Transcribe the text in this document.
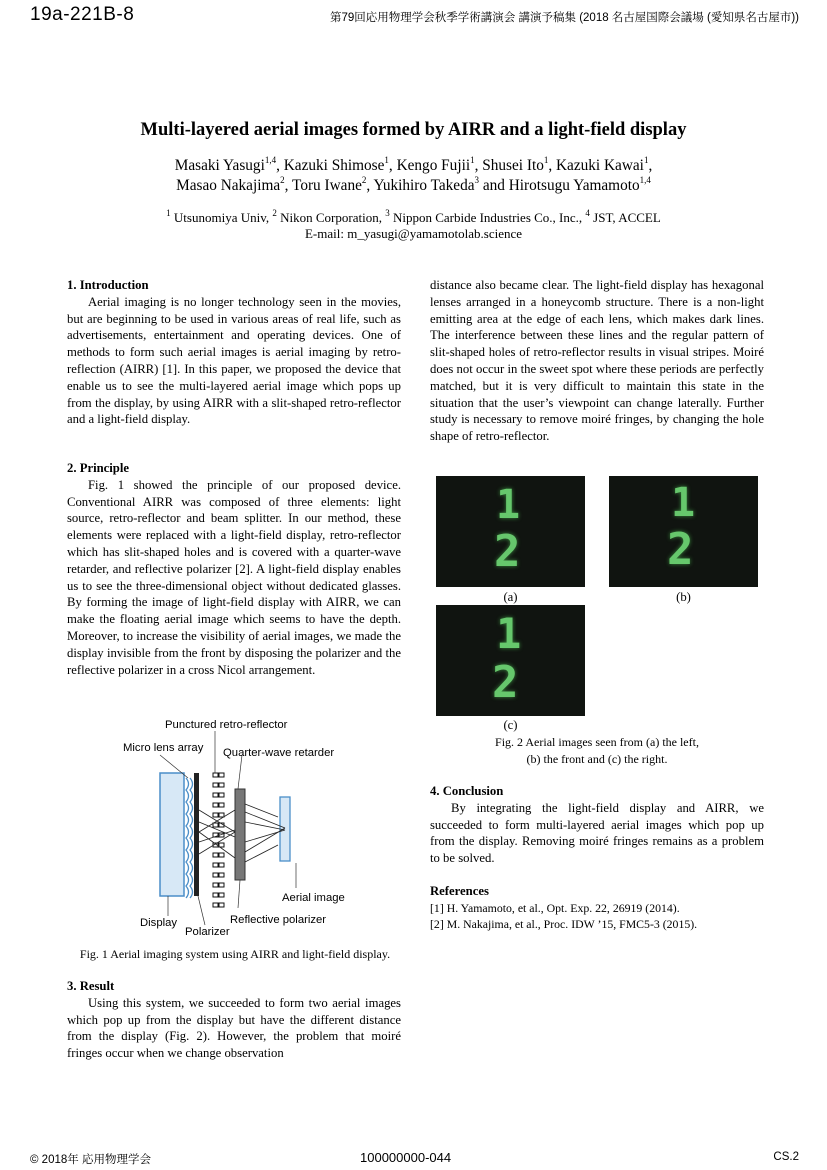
19a-221B-8	第79回応用物理学会秋季学術講演会 講演予稿集 (2018 名古屋国際会議場 (愛知県名古屋市))
Multi-layered aerial images formed by AIRR and a light-field display
Masaki Yasugi$^{1,4}$, Kazuki Shimose$^1$, Kengo Fujii$^1$, Shusei Ito$^1$, Kazuki Kawai$^1$,
Masao Nakajima$^2$, Toru Iwane$^2$, Yukihiro Takeda$^3$ and Hirotsugu Yamamoto$^{1,4}$
$^1$ Utsunomiya Univ, $^2$ Nikon Corporation, $^3$ Nippon Carbide Industries Co., Inc., $^4$ JST, ACCEL
E-mail: m_yasugi@yamamotolab.science
1. Introduction

Aerial imaging is no longer technology seen in the movies, but are beginning to be used in various areas of real life, such as advertisements, entertainment and operating devices. One of methods to form such aerial images is aerial imaging by retro-reflection (AIRR) [1]. In this paper, we proposed the device that enable us to see the multi-layered aerial image which pops up from the display, by using AIRR with a slit-shaped retro-reflector and a light-field display.

2. Principle

Fig. 1 showed the principle of our proposed device. Conventional AIRR was composed of three elements: light source, retro-reflector and beam splitter. In our method, these elements were replaced with a light-field display, retro-reflector which has slit-shaped holes and is covered with a quarter-wave retarder, and reflective polarizer [2]. A light-field display enables us to see the three-dimensional object without dedicated glasses. By forming the image of light-field display with AIRR, we can make the floating aerial image which seems to have the depth. Moreover, to increase the visibility of aerial images, we made the display invisible from the front by disposing the polarizer and the reflective polarizer in a cross Nicol arrangement.

Punctured retro-reflector
Micro lens array Quarter-wave retarder
Aerial image
Display
Polarizer
Reflective polarizer
Fig. 1 Aerial imaging system using AIRR and light-field display.
3. Result

Using this system, we succeeded to form two aerial images which pop up from the display but have the different distance from the display (Fig. 2). However, the problem that moiré fringes occur when we change observation

distance also became clear. The light-field display has hexagonal lenses arranged in a honeycomb structure. There is a non-light emitting area at the edge of each lens, which makes dark lines. The interference between these lines and the regular pattern of slit-shaped holes of retro-reflector results in visual stripes. Moiré does not occur in the sweet spot where these periods are perfectly matched, but it is very difficult to maintain this state in the situation that the user’s viewpoint can change laterally. Further study is necessary to remove moiré fringes, by changing the hole shape of retro-reflector.
1
2
1
2
(a)	(b)
1
2
(c)
Fig. 2 Aerial images seen from (a) the left,
(b) the front and (c) the right.
4. Conclusion

By integrating the light-field display and AIRR, we succeeded to form multi-layered aerial images which pop up from the display. Removing moiré fringes remains as a problem to be solved.

References
[1] H. Yamamoto, et al., Opt. Exp. 22, 26919 (2014).
[2] M. Nakajima, et al., Proc. IDW ’15, FMC5-3 (2015).
© 2018年 応用物理学会	100000000-044	CS.2
